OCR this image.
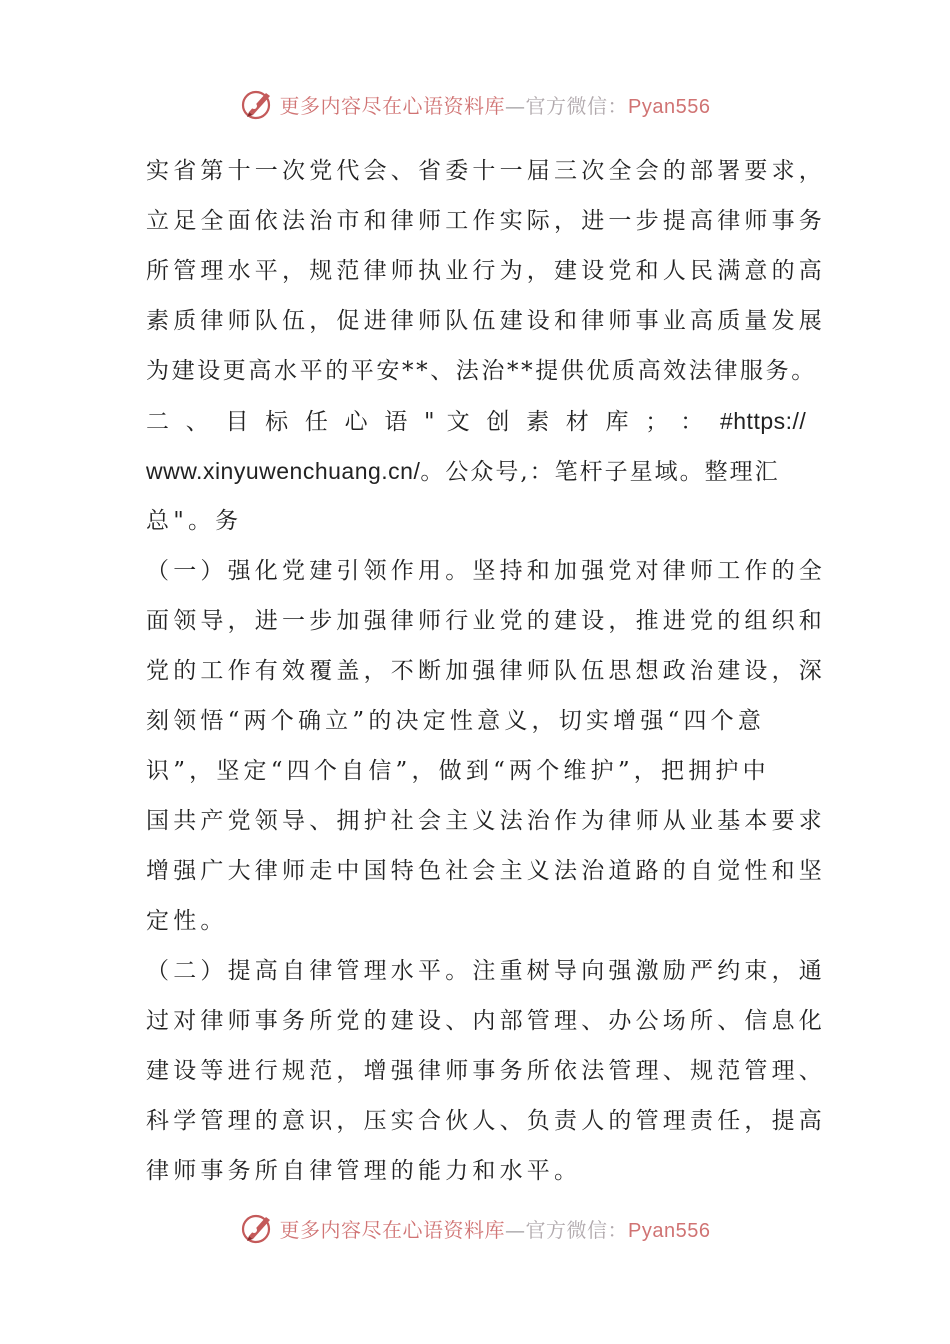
更多内容尽在心语资料库—官方微信：Pyan556
实省第十一次党代会、省委十一届三次全会的部署要求，
立足全面依法治市和律师工作实际，进一步提高律师事务
所管理水平，规范律师执业行为，建设党和人民满意的高
素质律师队伍，促进律师队伍建设和律师事业高质量发展
为建设更高水平的平安**、法治**提供优质高效法律服务。
二 、 目 标 任 心 语 " 文 创 素 材 库 ； ： #https://
www.xinyuwenchuang.cn/。公众号,：笔杆子星域。整理汇
总"。务
（一）强化党建引领作用。坚持和加强党对律师工作的全
面领导，进一步加强律师行业党的建设，推进党的组织和
党的工作有效覆盖，不断加强律师队伍思想政治建设，深
刻领悟“两个确立”的决定性意义，切实增强“四个意
识”，坚定“四个自信”，做到“两个维护”，把拥护中
国共产党领导、拥护社会主义法治作为律师从业基本要求
增强广大律师走中国特色社会主义法治道路的自觉性和坚
定性。
（二）提高自律管理水平。注重树导向强激励严约束，通
过对律师事务所党的建设、内部管理、办公场所、信息化
建设等进行规范，增强律师事务所依法管理、规范管理、
科学管理的意识，压实合伙人、负责人的管理责任，提高
律师事务所自律管理的能力和水平。
更多内容尽在心语资料库—官方微信：Pyan556
